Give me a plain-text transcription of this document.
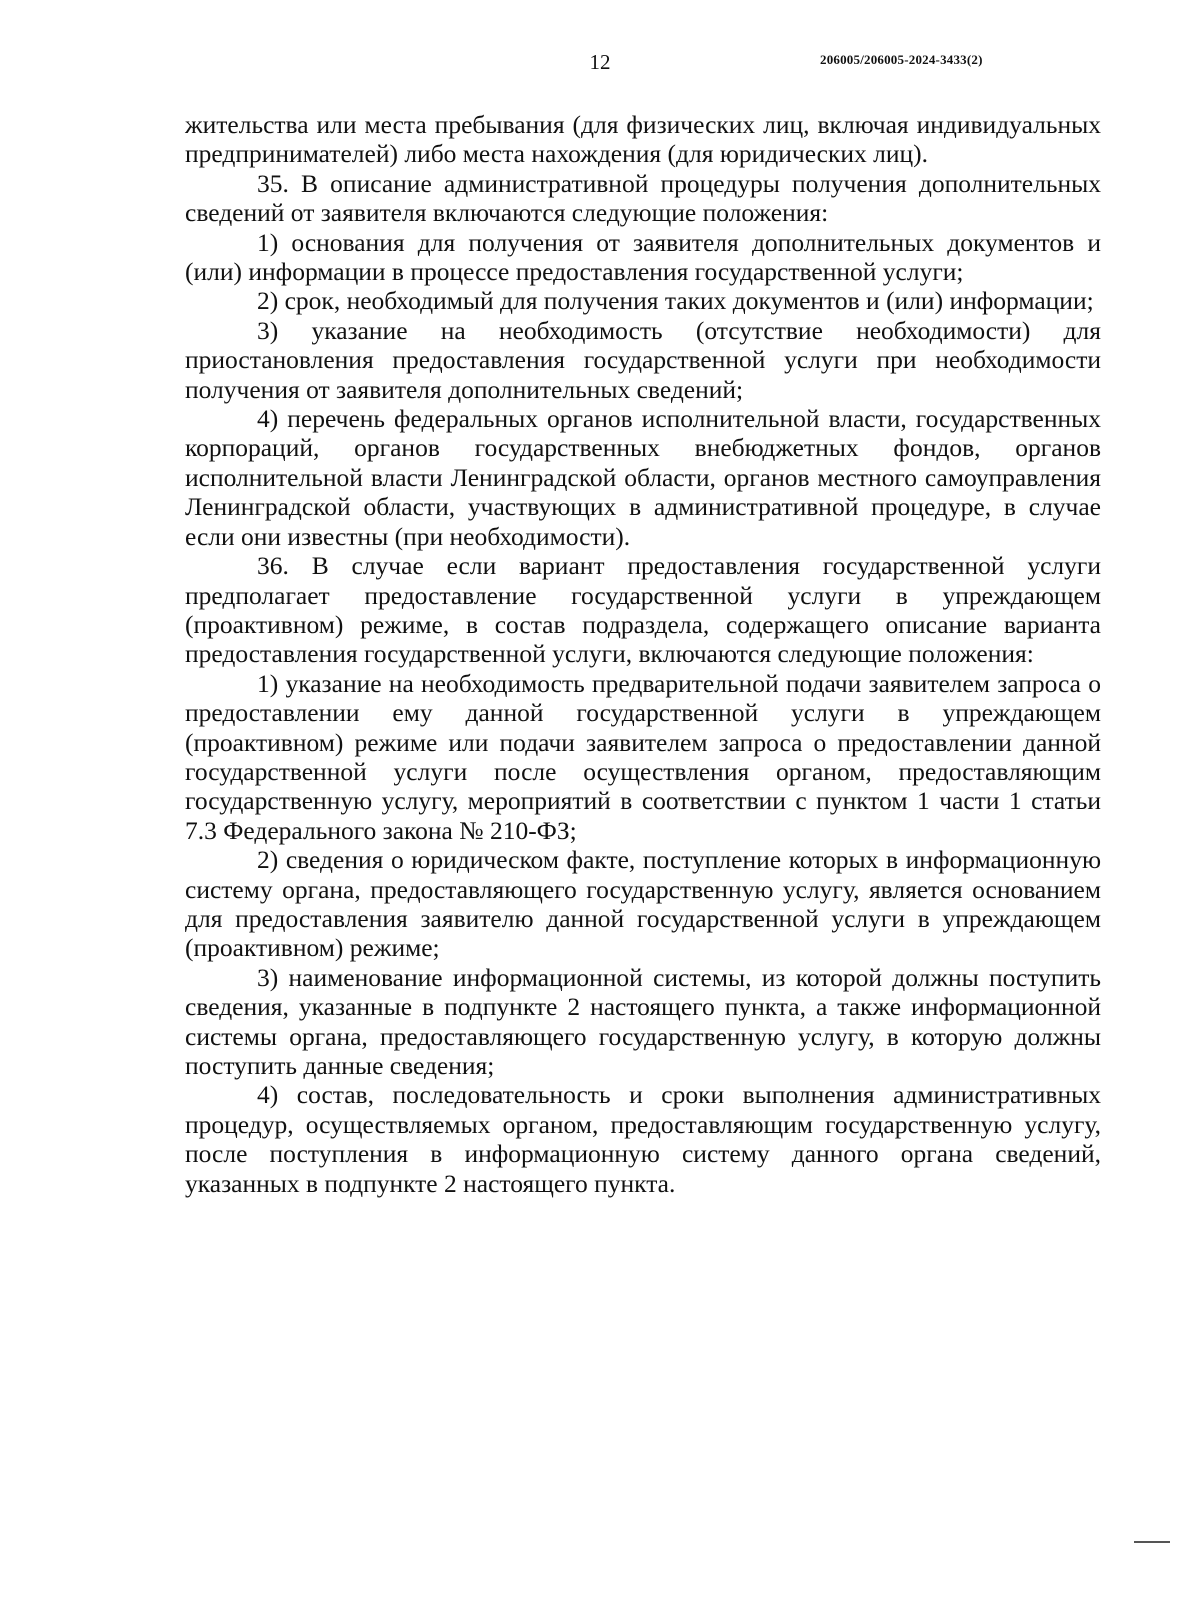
12	206005/206005-2024-3433(2)

жительства или места пребывания (для физических лиц, включая индивидуальных предпринимателей) либо места нахождения (для юридических лиц).

35. В описание административной процедуры получения дополнительных сведений от заявителя включаются следующие положения:

1) основания для получения от заявителя дополнительных документов и (или) информации в процессе предоставления государственной услуги;

2) срок, необходимый для получения таких документов и (или) информации;

3) указание на необходимость (отсутствие необходимости) для приостановления предоставления государственной услуги при необходимости получения от заявителя дополнительных сведений;

4) перечень федеральных органов исполнительной власти, государственных корпораций, органов государственных внебюджетных фондов, органов исполнительной власти Ленинградской области, органов местного самоуправления Ленинградской области, участвующих в административной процедуре, в случае если они известны (при необходимости).

36. В случае если вариант предоставления государственной услуги предполагает предоставление государственной услуги в упреждающем (проактивном) режиме, в состав подраздела, содержащего описание варианта предоставления государственной услуги, включаются следующие положения:

1) указание на необходимость предварительной подачи заявителем запроса о предоставлении ему данной государственной услуги в упреждающем (проактивном) режиме или подачи заявителем запроса о предоставлении данной государственной услуги после осуществления органом, предоставляющим государственную услугу, мероприятий в соответствии с пунктом 1 части 1 статьи 7.3 Федерального закона № 210-ФЗ;

2) сведения о юридическом факте, поступление которых в информационную систему органа, предоставляющего государственную услугу, является основанием для предоставления заявителю данной государственной услуги в упреждающем (проактивном) режиме;

3) наименование информационной системы, из которой должны поступить сведения, указанные в подпункте 2 настоящего пункта, а также информационной системы органа, предоставляющего государственную услугу, в которую должны поступить данные сведения;

4) состав, последовательность и сроки выполнения административных процедур, осуществляемых органом, предоставляющим государственную услугу, после поступления в информационную систему данного органа сведений, указанных в подпункте 2 настоящего пункта.
